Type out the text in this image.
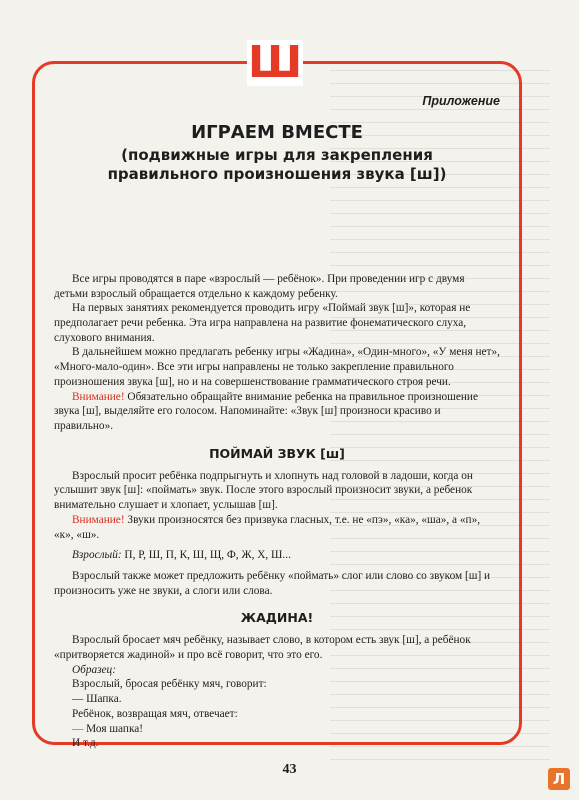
Ш
Приложение
ИГРАЕМ ВМЕСТЕ
(подвижные игры для закрепления
правильного произношения звука [ш])

Все игры проводятся в паре «взрослый — ребёнок». При проведении игр с двумя детьми взрослый обращается отдельно к каждому ребенку.

На первых занятиях рекомендуется проводить игру «Поймай звук [ш]», которая не предполагает речи ребенка. Эта игра направлена на развитие фонематического слуха, слухового внимания.

В дальнейшем можно предлагать ребенку игры «Жадина», «Один-много», «У меня нет», «Много-мало-один». Все эти игры направлены не только закрепление правильного произношения звука [ш], но и на совершенствование грамматического строя речи.

Внимание! Обязательно обращайте внимание ребенка на правильное произношение звука [ш], выделяйте его голосом. Напоминайте: «Звук [ш] произноси красиво и правильно».

ПОЙМАЙ ЗВУК [ш]

Взрослый просит ребёнка подпрыгнуть и хлопнуть над головой в ладоши, когда он услышит звук [ш]: «поймать» звук. После этого взрослый произносит звуки, а ребенок внимательно слушает и хлопает, услышав [ш].

Внимание! Звуки произносятся без призвука гласных, т.е. не «пэ», «ка», «ша», а «п», «к», «ш».

Взрослый: П, Р, Ш, П, К, Ш, Щ, Ф, Ж, Х, Ш...

Взрослый также может предложить ребёнку «поймать» слог или слово со звуком [ш] и произносить уже не звуки, а слоги или слова.

ЖАДИНА!

Взрослый бросает мяч ребёнку, называет слово, в котором есть звук [ш], а ребёнок «притворяется жадиной» и про всё говорит, что это его.

Образец:

Взрослый, бросая ребёнку мяч, говорит:

— Шапка.

Ребёнок, возвращая мяч, отвечает:

— Моя шапка!

И т.д.

43
Л
